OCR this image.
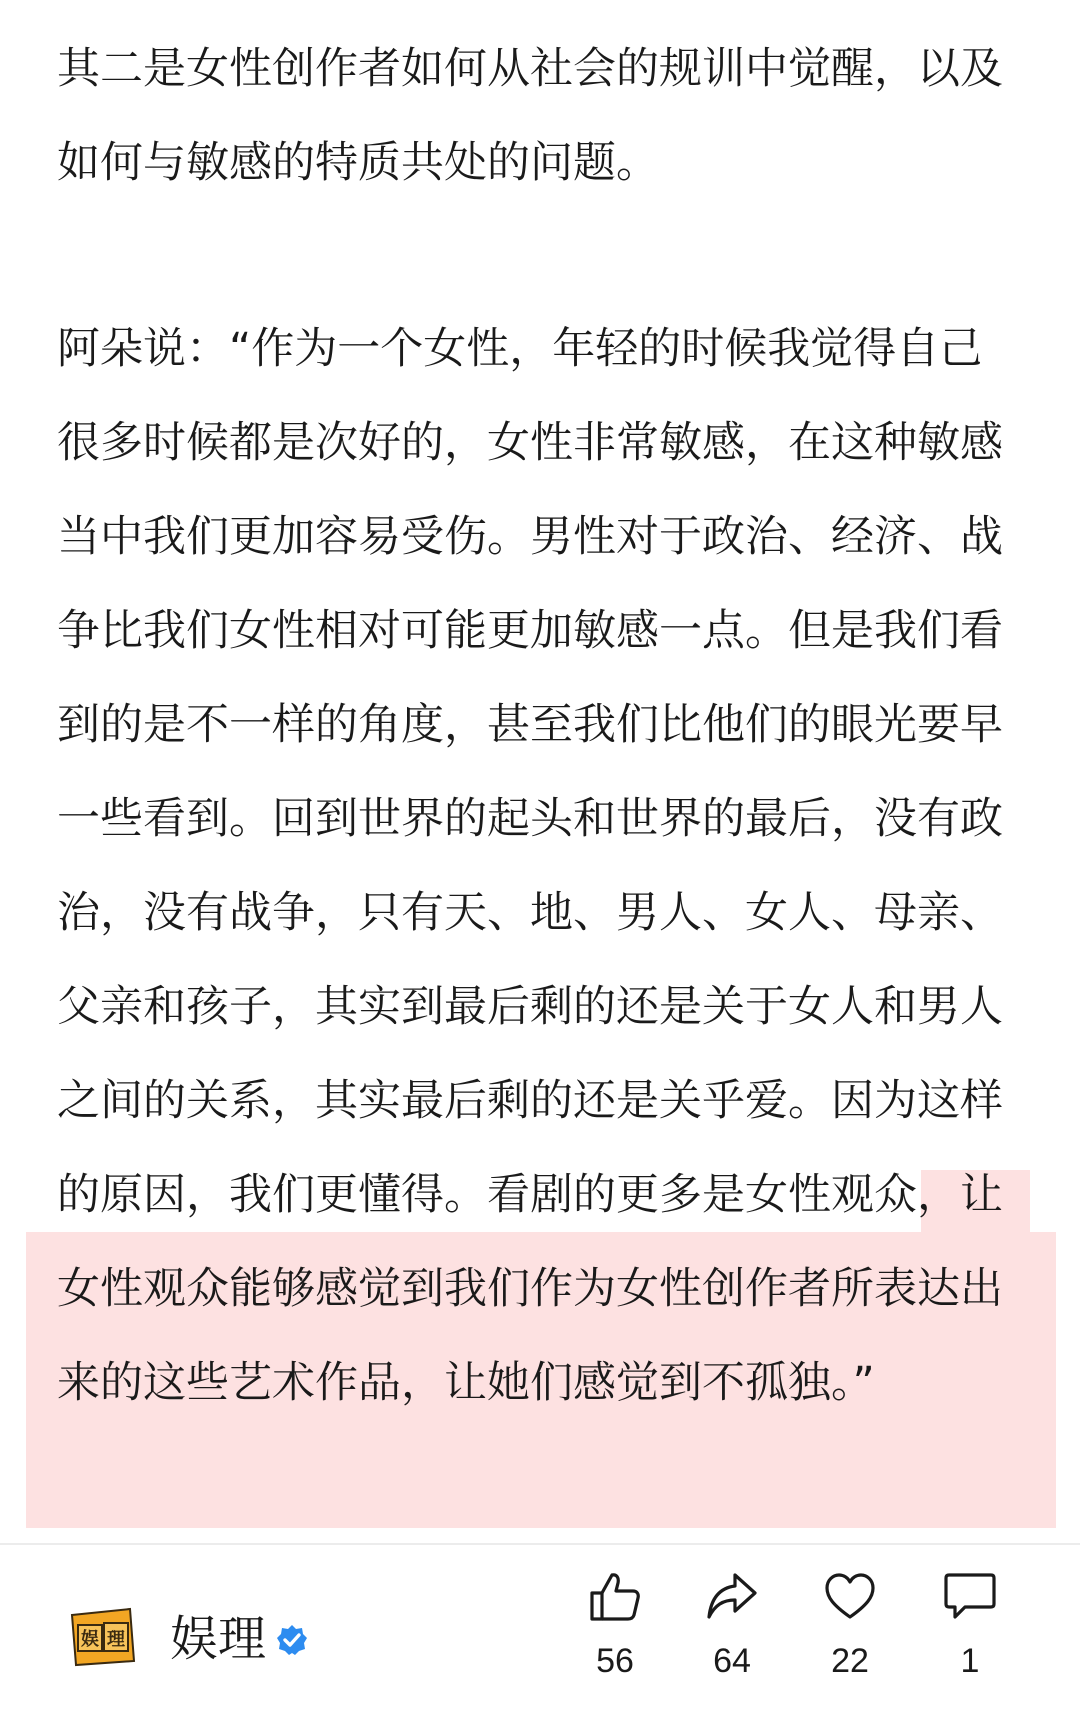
其二是女性创作者如何从社会的规训中觉醒，以及如何与敏感的特质共处的问题。

阿朵说：“作为一个女性，年轻的时候我觉得自己很多时候都是次好的，女性非常敏感，在这种敏感当中我们更加容易受伤。男性对于政治、经济、战争比我们女性相对可能更加敏感一点。但是我们看到的是不一样的角度，甚至我们比他们的眼光要早一些看到。回到世界的起头和世界的最后，没有政治，没有战争，只有天、地、男人、女人、母亲、父亲和孩子，其实到最后剩的还是关于女人和男人之间的关系，其实最后剩的还是关乎爱。因为这样的原因，我们更懂得。看剧的更多是女性观众，让女性观众能够感觉到我们作为女性创作者所表达出来的这些艺术作品，让她们感觉到不孤独。”

娱 理 娱理	56	64	22	1
